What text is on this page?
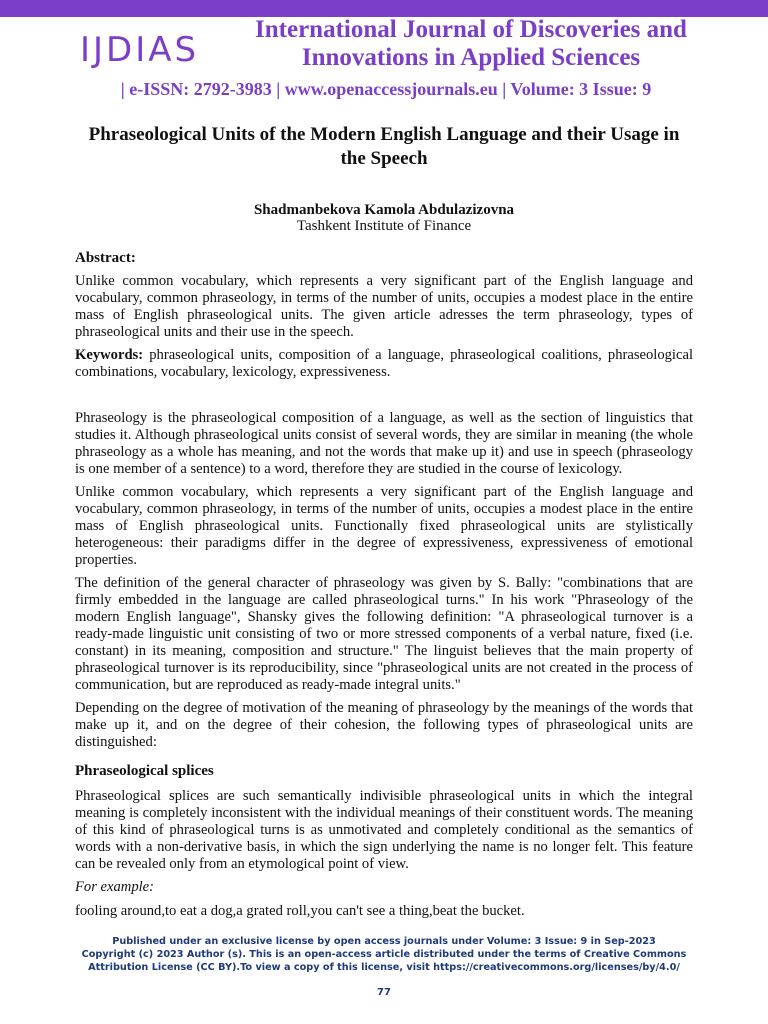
IJDIAS
International Journal of Discoveries and Innovations in Applied Sciences
| e-ISSN: 2792-3983 | www.openaccessjournals.eu | Volume: 3 Issue: 9
Phraseological Units of the Modern English Language and their Usage in the Speech
Shadmanbekova Kamola Abdulazizovna
Tashkent Institute of Finance
Abstract:

Unlike common vocabulary, which represents a very significant part of the English language and vocabulary, common phraseology, in terms of the number of units, occupies a modest place in the entire mass of English phraseological units. The given article adresses the term phraseology, types of phraseological units and their use in the speech.

Keywords: phraseological units, composition of a language, phraseological coalitions, phraseological combinations, vocabulary, lexicology, expressiveness.

Phraseology is the phraseological composition of a language, as well as the section of linguistics that studies it. Although phraseological units consist of several words, they are similar in meaning (the whole phraseology as a whole has meaning, and not the words that make up it) and use in speech (phraseology is one member of a sentence) to a word, therefore they are studied in the course of lexicology.

Unlike common vocabulary, which represents a very significant part of the English language and vocabulary, common phraseology, in terms of the number of units, occupies a modest place in the entire mass of English phraseological units. Functionally fixed phraseological units are stylistically heterogeneous: their paradigms differ in the degree of expressiveness, expressiveness of emotional properties.

The definition of the general character of phraseology was given by S. Bally: "combinations that are firmly embedded in the language are called phraseological turns." In his work "Phraseology of the modern English language", Shansky gives the following definition: "A phraseological turnover is a ready-made linguistic unit consisting of two or more stressed components of a verbal nature, fixed (i.e. constant) in its meaning, composition and structure." The linguist believes that the main property of phraseological turnover is its reproducibility, since "phraseological units are not created in the process of communication, but are reproduced as ready-made integral units."

Depending on the degree of motivation of the meaning of phraseology by the meanings of the words that make up it, and on the degree of their cohesion, the following types of phraseological units are distinguished:

Phraseological splices

Phraseological splices are such semantically indivisible phraseological units in which the integral meaning is completely inconsistent with the individual meanings of their constituent words. The meaning of this kind of phraseological turns is as unmotivated and completely conditional as the semantics of words with a non-derivative basis, in which the sign underlying the name is no longer felt. This feature can be revealed only from an etymological point of view.

For example:

fooling around,to eat a dog,a grated roll,you can't see a thing,beat the bucket.

Published under an exclusive license by open access journals under Volume: 3 Issue: 9 in Sep-2023
Copyright (c) 2023 Author (s). This is an open-access article distributed under the terms of Creative Commons
Attribution License (CC BY).To view a copy of this license, visit https://creativecommons.org/licenses/by/4.0/
77
